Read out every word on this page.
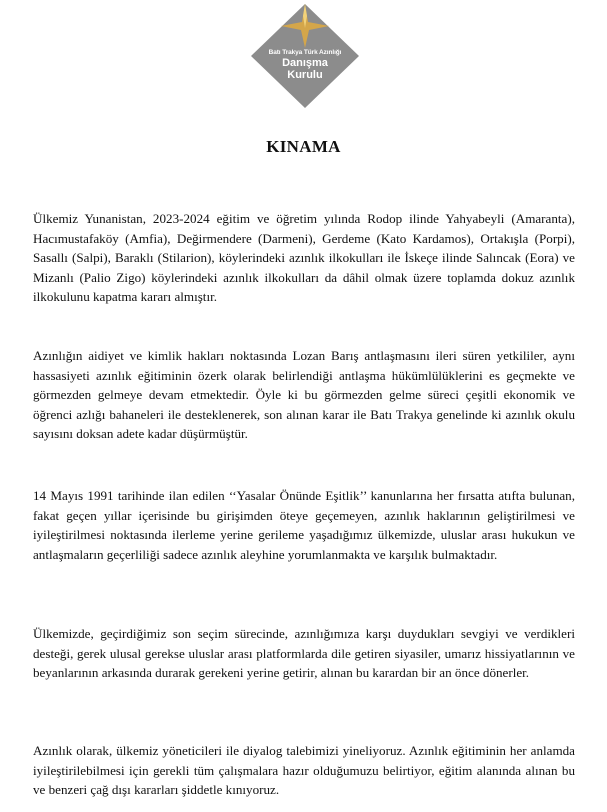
Batı Trakya Türk Azınlığı
Danışma
Kurulu
KINAMA

Ülkemiz Yunanistan, 2023-2024 eğitim ve öğretim yılında Rodop ilinde Yahyabeyli (Amaranta), Hacımustafaköy (Amfia), Değirmendere (Darmeni), Gerdeme (Kato Kardamos), Ortakışla (Porpi), Sasallı (Salpi), Baraklı (Stilarion), köylerindeki azınlık ilkokulları ile İskeçe ilinde Salıncak (Eora) ve Mizanlı (Palio Zigo) köylerindeki azınlık ilkokulları da dâhil olmak üzere toplamda dokuz azınlık ilkokulunu kapatma kararı almıştır.

Azınlığın aidiyet ve kimlik hakları noktasında Lozan Barış antlaşmasını ileri süren yetkililer, aynı hassasiyeti azınlık eğitiminin özerk olarak belirlendiği antlaşma hükümlülüklerini es geçmekte ve görmezden gelmeye devam etmektedir. Öyle ki bu görmezden gelme süreci çeşitli ekonomik ve öğrenci azlığı bahaneleri ile desteklenerek, son alınan karar ile Batı Trakya genelinde ki azınlık okulu sayısını doksan adete kadar düşürmüştür.

14 Mayıs 1991 tarihinde ilan edilen ‘‘Yasalar Önünde Eşitlik’’ kanunlarına her fırsatta atıfta bulunan, fakat geçen yıllar içerisinde bu girişimden öteye geçemeyen, azınlık haklarının geliştirilmesi ve iyileştirilmesi noktasında ilerleme yerine gerileme yaşadığımız ülkemizde, uluslar arası hukukun ve antlaşmaların geçerliliği sadece azınlık aleyhine yorumlanmakta ve karşılık bulmaktadır.

Ülkemizde, geçirdiğimiz son seçim sürecinde, azınlığımıza karşı duydukları sevgiyi ve verdikleri desteği, gerek ulusal gerekse uluslar arası platformlarda dile getiren siyasiler, umarız hissiyatlarının ve beyanlarının arkasında durarak gerekeni yerine getirir, alınan bu karardan bir an önce dönerler.

Azınlık olarak, ülkemiz yöneticileri ile diyalog talebimizi yineliyoruz. Azınlık eğitiminin her anlamda iyileştirilebilmesi için gerekli tüm çalışmalara hazır olduğumuzu belirtiyor, eğitim alanında alınan bu ve benzeri çağ dışı kararları şiddetle kınıyoruz.
